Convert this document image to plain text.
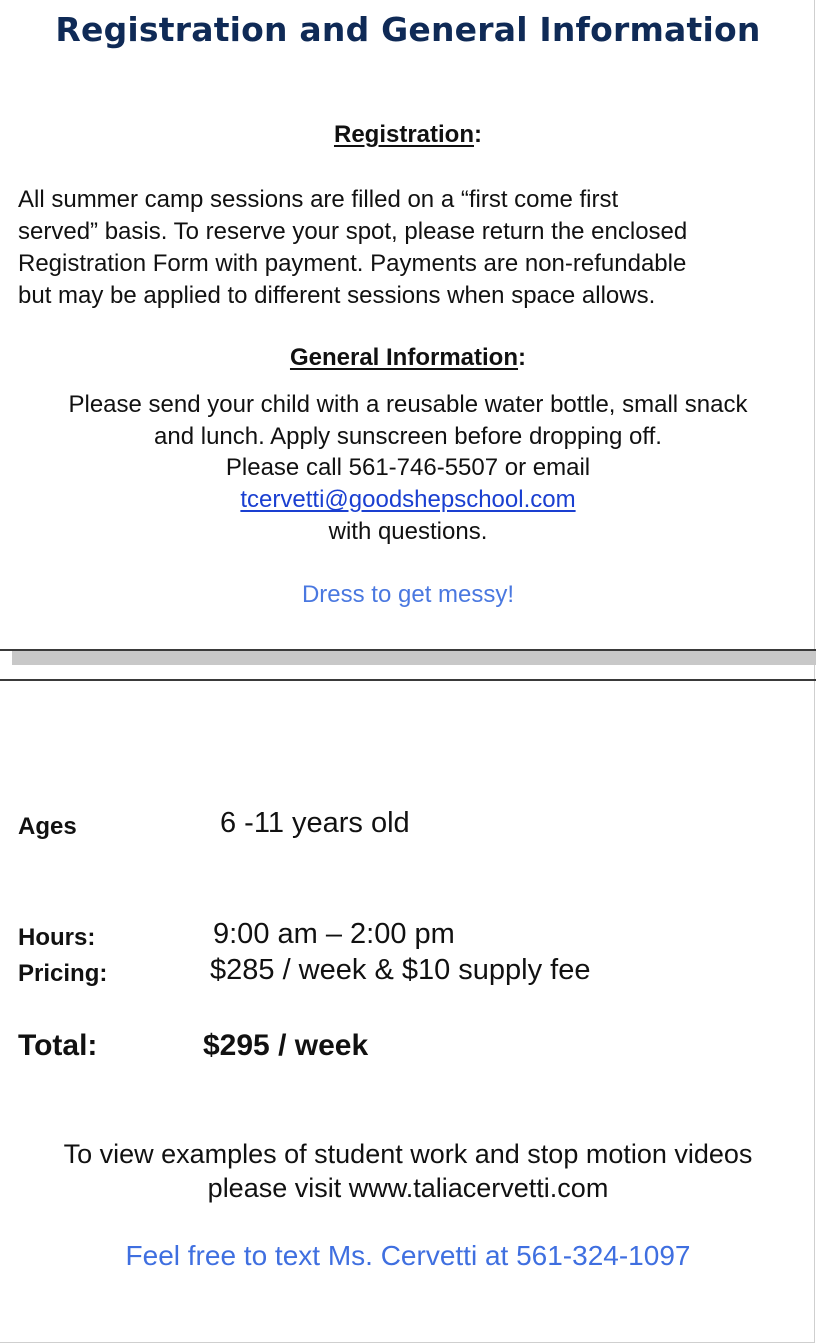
Registration and General Information
Registration:
All summer camp sessions are filled on a “first come first
served” basis. To reserve your spot, please return the enclosed
Registration Form with payment. Payments are non-refundable
but may be applied to different sessions when space allows.
General Information:
Please send your child with a reusable water bottle, small snack
and lunch. Apply sunscreen before dropping off.
Please call 561-746-5507 or email
tcervetti@goodshepschool.com
with questions.
Dress to get messy!
Ages	6 -11 years old
Hours:	9:00 am – 2:00 pm
Pricing:	$285 / week & $10 supply fee
Total:	$295 / week
To view examples of student work and stop motion videos
please visit www.taliacervetti.com
Feel free to text Ms. Cervetti at 561-324-1097
